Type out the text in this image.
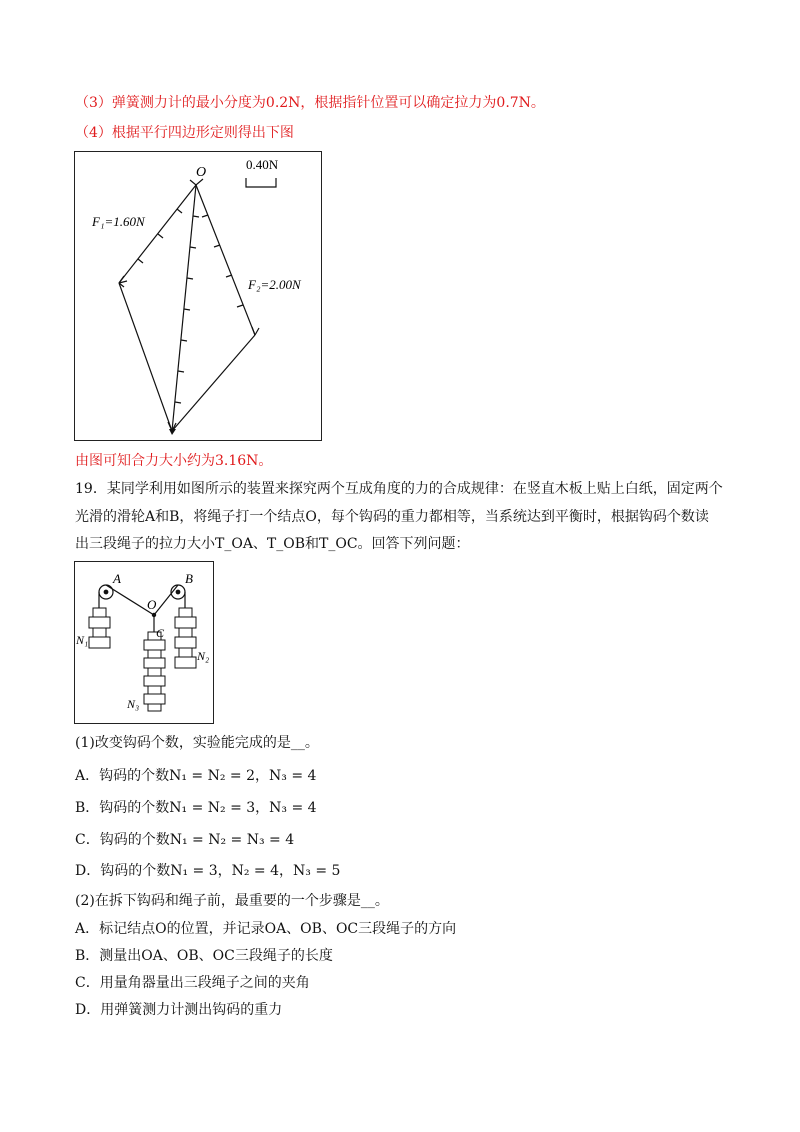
（3）弹簧测力计的最小分度为0.2N，根据指针位置可以确定拉力为0.7N。
（4）根据平行四边形定则得出下图
O
0.40N
F₁=1.60N
F₂=2.00N
由图可知合力大小约为3.16N。
19．某同学利用如图所示的装置来探究两个互成角度的力的合成规律：在竖直木板上贴上白纸，固定两个
光滑的滑轮A和B，将绳子打一个结点O，每个钩码的重力都相等，当系统达到平衡时，根据钩码个数读
出三段绳子的拉力大小T_OA、T_OB和T_OC。回答下列问题：
A	B
O
C
N₁
N₂
N₃
(1)改变钩码个数，实验能完成的是__。
A．钩码的个数N₁ = N₂ = 2，N₃ = 4
B．钩码的个数N₁ = N₂ = 3，N₃ = 4
C．钩码的个数N₁ = N₂ = N₃ = 4
D．钩码的个数N₁ = 3，N₂ = 4，N₃ = 5
(2)在拆下钩码和绳子前，最重要的一个步骤是__。
A．标记结点O的位置，并记录OA、OB、OC三段绳子的方向
B．测量出OA、OB、OC三段绳子的长度
C．用量角器量出三段绳子之间的夹角
D．用弹簧测力计测出钩码的重力
